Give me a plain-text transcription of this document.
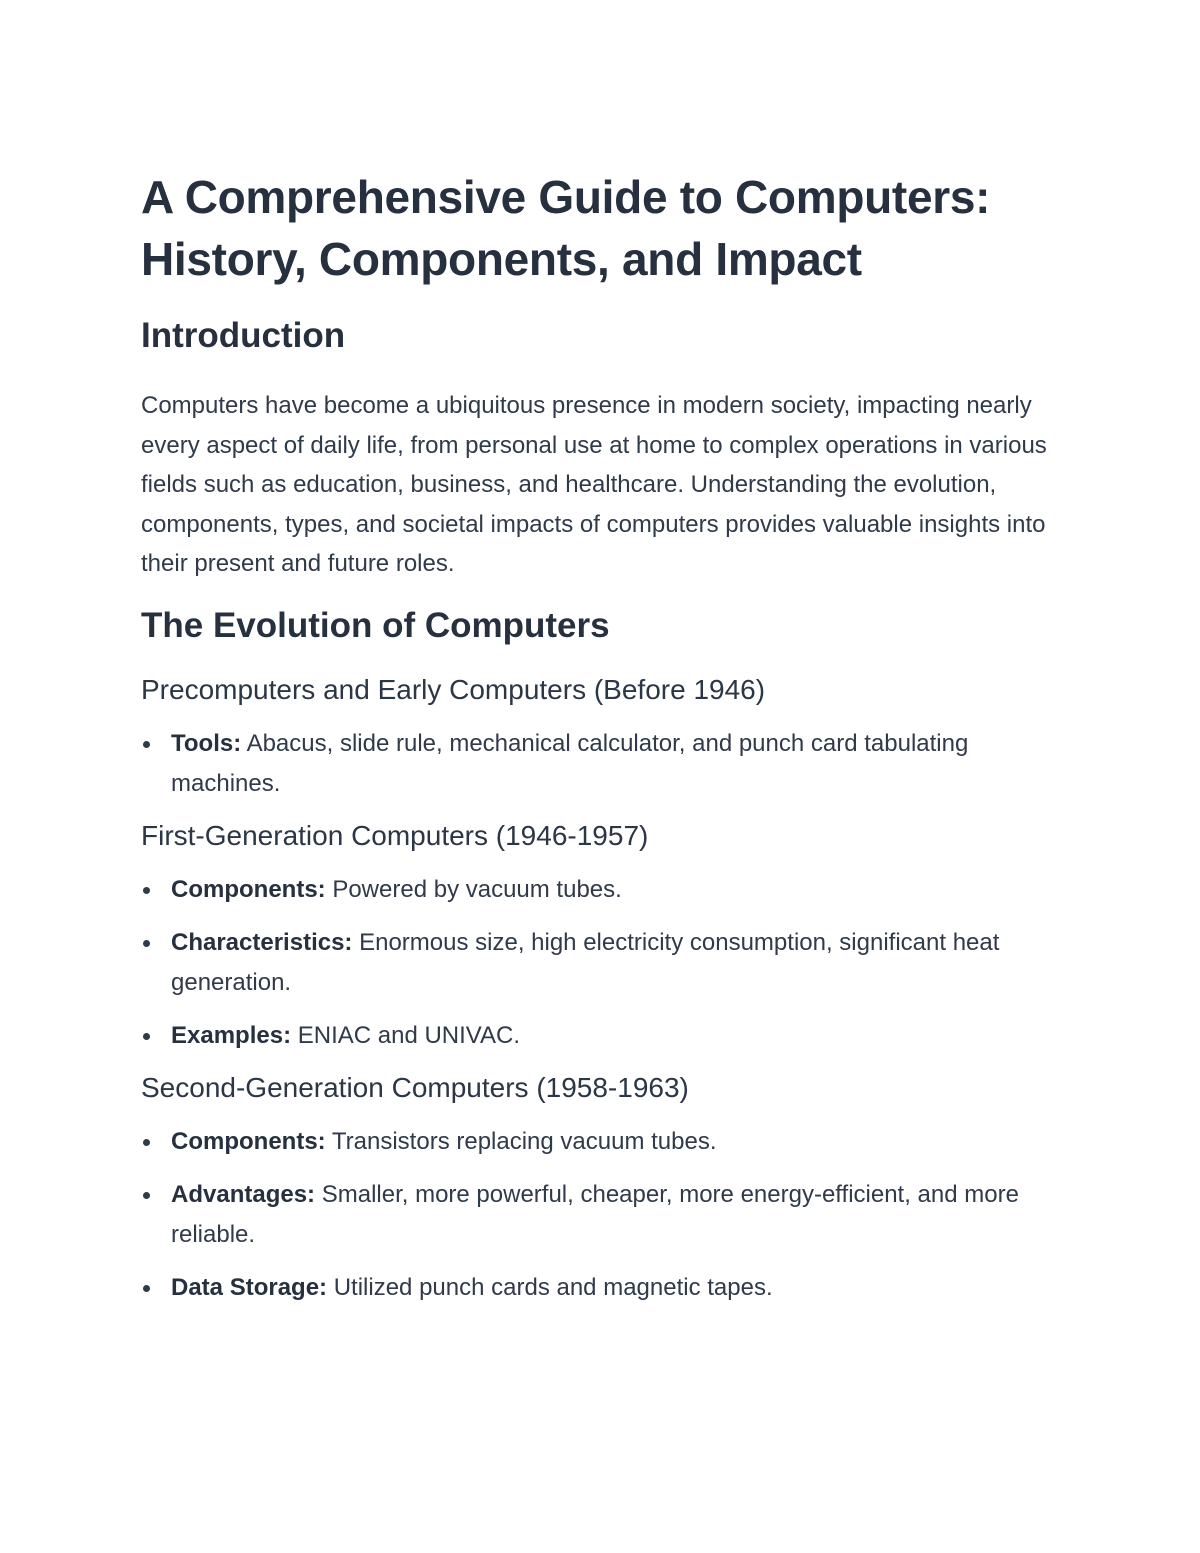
A Comprehensive Guide to Computers: History, Components, and Impact
Introduction

Computers have become a ubiquitous presence in modern society, impacting nearly every aspect of daily life, from personal use at home to complex operations in various fields such as education, business, and healthcare. Understanding the evolution, components, types, and societal impacts of computers provides valuable insights into their present and future roles.

The Evolution of Computers
Precomputers and Early Computers (Before 1946)
Tools: Abacus, slide rule, mechanical calculator, and punch card tabulating machines.
First-Generation Computers (1946-1957)
Components: Powered by vacuum tubes.
Characteristics: Enormous size, high electricity consumption, significant heat generation.
Examples: ENIAC and UNIVAC.
Second-Generation Computers (1958-1963)
Components: Transistors replacing vacuum tubes.
Advantages: Smaller, more powerful, cheaper, more energy-efficient, and more reliable.
Data Storage: Utilized punch cards and magnetic tapes.
